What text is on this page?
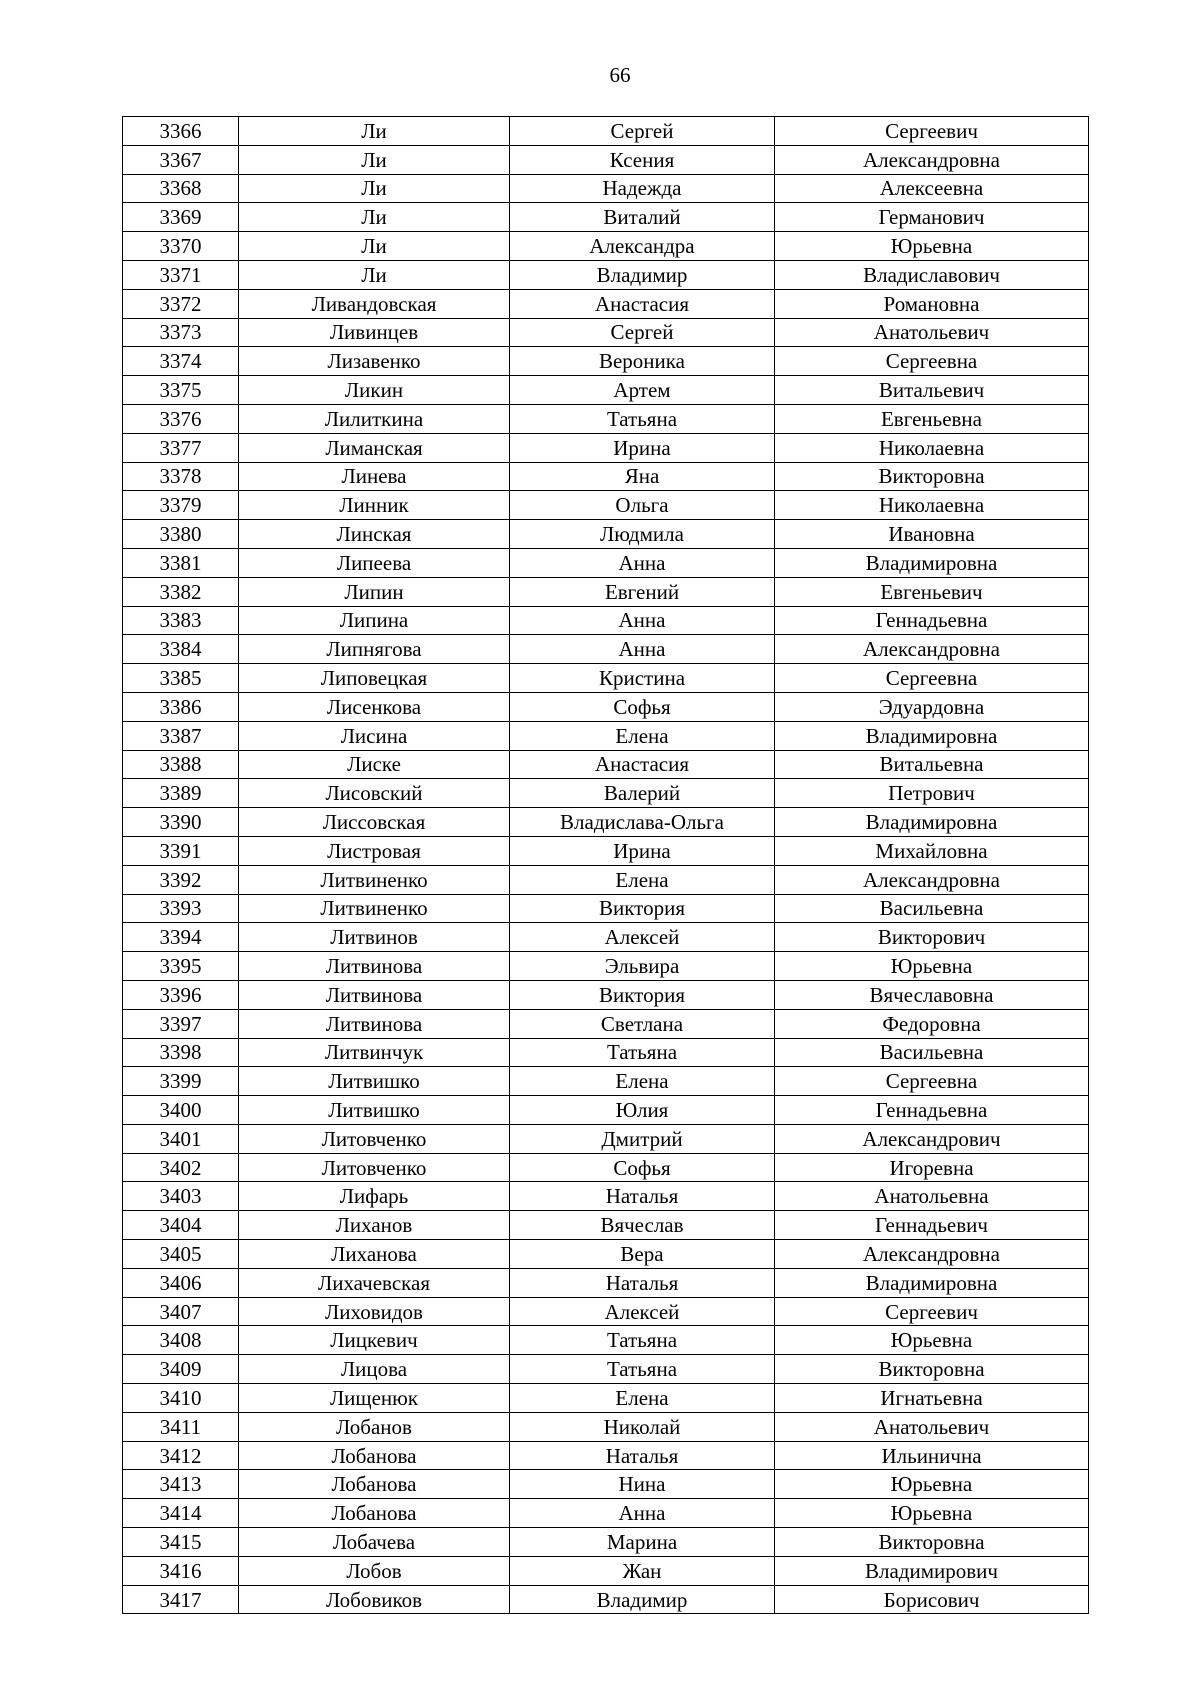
66
3366	Ли	Сергей	Сергеевич
3367	Ли	Ксения	Александровна
3368	Ли	Надежда	Алексеевна
3369	Ли	Виталий	Германович
3370	Ли	Александра	Юрьевна
3371	Ли	Владимир	Владиславович
3372	Ливандовская	Анастасия	Романовна
3373	Ливинцев	Сергей	Анатольевич
3374	Лизавенко	Вероника	Сергеевна
3375	Ликин	Артем	Витальевич
3376	Лилиткина	Татьяна	Евгеньевна
3377	Лиманская	Ирина	Николаевна
3378	Линева	Яна	Викторовна
3379	Линник	Ольга	Николаевна
3380	Линская	Людмила	Ивановна
3381	Липеева	Анна	Владимировна
3382	Липин	Евгений	Евгеньевич
3383	Липина	Анна	Геннадьевна
3384	Липнягова	Анна	Александровна
3385	Липовецкая	Кристина	Сергеевна
3386	Лисенкова	Софья	Эдуардовна
3387	Лисина	Елена	Владимировна
3388	Лиске	Анастасия	Витальевна
3389	Лисовский	Валерий	Петрович
3390	Лиссовская	Владислава-Ольга	Владимировна
3391	Листровая	Ирина	Михайловна
3392	Литвиненко	Елена	Александровна
3393	Литвиненко	Виктория	Васильевна
3394	Литвинов	Алексей	Викторович
3395	Литвинова	Эльвира	Юрьевна
3396	Литвинова	Виктория	Вячеславовна
3397	Литвинова	Светлана	Федоровна
3398	Литвинчук	Татьяна	Васильевна
3399	Литвишко	Елена	Сергеевна
3400	Литвишко	Юлия	Геннадьевна
3401	Литовченко	Дмитрий	Александрович
3402	Литовченко	Софья	Игоревна
3403	Лифарь	Наталья	Анатольевна
3404	Лиханов	Вячеслав	Геннадьевич
3405	Лиханова	Вера	Александровна
3406	Лихачевская	Наталья	Владимировна
3407	Лиховидов	Алексей	Сергеевич
3408	Лицкевич	Татьяна	Юрьевна
3409	Лицова	Татьяна	Викторовна
3410	Лищенюк	Елена	Игнатьевна
3411	Лобанов	Николай	Анатольевич
3412	Лобанова	Наталья	Ильинична
3413	Лобанова	Нина	Юрьевна
3414	Лобанова	Анна	Юрьевна
3415	Лобачева	Марина	Викторовна
3416	Лобов	Жан	Владимирович
3417	Лобовиков	Владимир	Борисович
